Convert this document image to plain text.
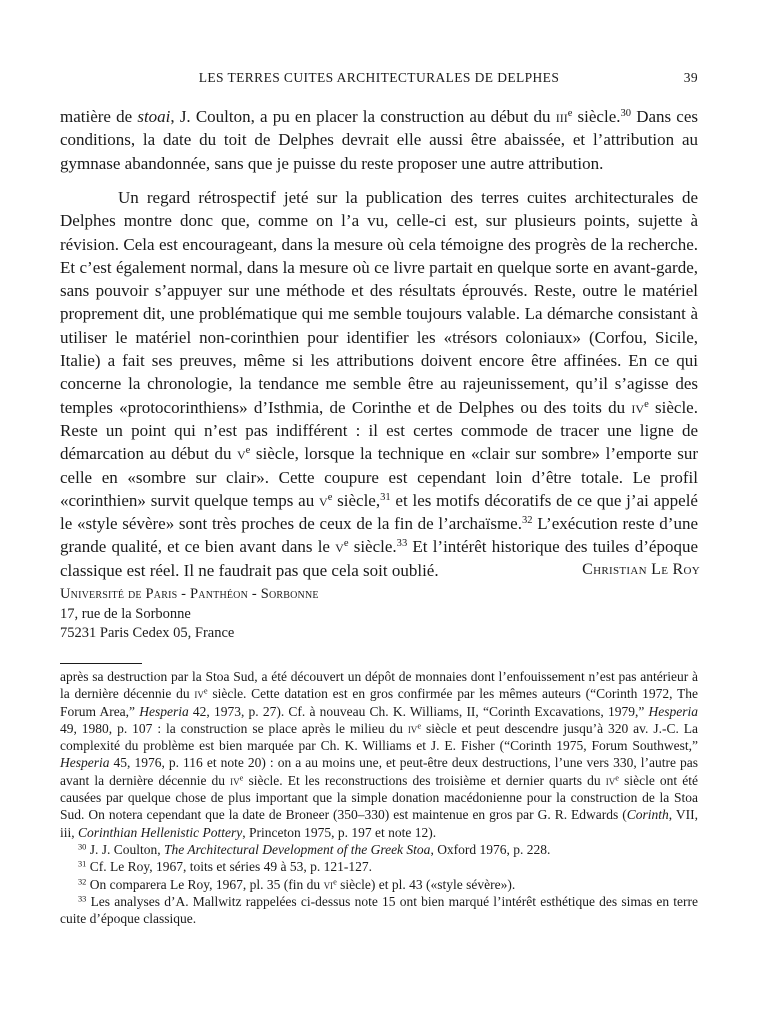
LES TERRES CUITES ARCHITECTURALES DE DELPHES	39

matière de stoai, J. Coulton, a pu en placer la construction au début du iii$^e$ siècle.$^{30}$ Dans ces conditions, la date du toit de Delphes devrait elle aussi être abaissée, et l’attribution au gymnase abandonnée, sans que je puisse du reste proposer une autre attribution.

Un regard rétrospectif jeté sur la publication des terres cuites architecturales de Delphes montre donc que, comme on l’a vu, celle-ci est, sur plusieurs points, sujette à révision. Cela est encourageant, dans la mesure où cela témoigne des progrès de la recherche. Et c’est également normal, dans la mesure où ce livre partait en quelque sorte en avant-garde, sans pouvoir s’appuyer sur une méthode et des résultats éprouvés. Reste, outre le matériel proprement dit, une problématique qui me semble toujours valable. La démarche consistant à utiliser le matériel non-corinthien pour identifier les «trésors coloniaux» (Corfou, Sicile, Italie) a fait ses preuves, même si les attributions doivent encore être affinées. En ce qui concerne la chronologie, la tendance me semble être au rajeunissement, qu’il s’agisse des temples «protocorinthiens» d’Isthmia, de Corinthe et de Delphes ou des toits du $iv^e$ siècle. Reste un point qui n’est pas indifférent : il est certes commode de tracer une ligne de démarcation au début du $v^e$ siècle, lorsque la technique en «clair sur sombre» l’emporte sur celle en «sombre sur clair». Cette coupure est cependant loin d’être totale. Le profil «corinthien» survit quelque temps au $v^e$ siècle,$^{31}$ et les motifs décoratifs de ce que j’ai appelé le «style sévère» sont très proches de ceux de la fin de l’archaïsme.$^{32}$ L’exécution reste d’une grande qualité, et ce bien avant dans le $v^e$ siècle.$^{33}$ Et l’intérêt historique des tuiles d’époque classique est réel. Il ne faudrait pas que cela soit oublié.	Christian Le Roy
Université de Paris - Panthéon - Sorbonne
17, rue de la Sorbonne
75231 Paris Cedex 05, France
après sa destruction par la Stoa Sud, a été découvert un dépôt de monnaies dont l’enfouissement n’est pas antérieur à la dernière décennie du $iv^e$ siècle. Cette datation est en gros confirmée par les mêmes auteurs (“Corinth 1972, The Forum Area,” Hesperia 42, 1973, p. 27). Cf. à nouveau Ch. K. Williams, II, “Corinth Excavations, 1979,” Hesperia 49, 1980, p. 107 : la construction se place après le milieu du $iv^e$ siècle et peut descendre jusqu’à 320 av. J.-C. La complexité du problème est bien marquée par Ch. K. Williams et J. E. Fisher (“Corinth 1975, Forum Southwest,” Hesperia 45, 1976, p. 116 et note 20) : on a au moins une, et peut-être deux destructions, l’une vers 330, l’autre pas avant la dernière décennie du $iv^e$ siècle. Et les reconstructions des troisième et dernier quarts du $iv^e$ siècle ont été causées par quelque chose de plus important que la simple donation macédonienne pour la construction de la Stoa Sud. On notera cependant que la date de Broneer (350–330) est maintenue en gros par G. R. Edwards (Corinth, VII, iii, Corinthian Hellenistic Pottery, Princeton 1975, p. 197 et note 12).
$^{30}$ J. J. Coulton, The Architectural Development of the Greek Stoa, Oxford 1976, p. 228.
$^{31}$ Cf. Le Roy, 1967, toits et séries 49 à 53, p. 121-127.
$^{32}$ On comparera Le Roy, 1967, pl. 35 (fin du $vi^e$ siècle) et pl. 43 («style sévère»).
$^{33}$ Les analyses d’A. Mallwitz rappelées ci-dessus note 15 ont bien marqué l’intérêt esthétique des simas en terre cuite d’époque classique.
